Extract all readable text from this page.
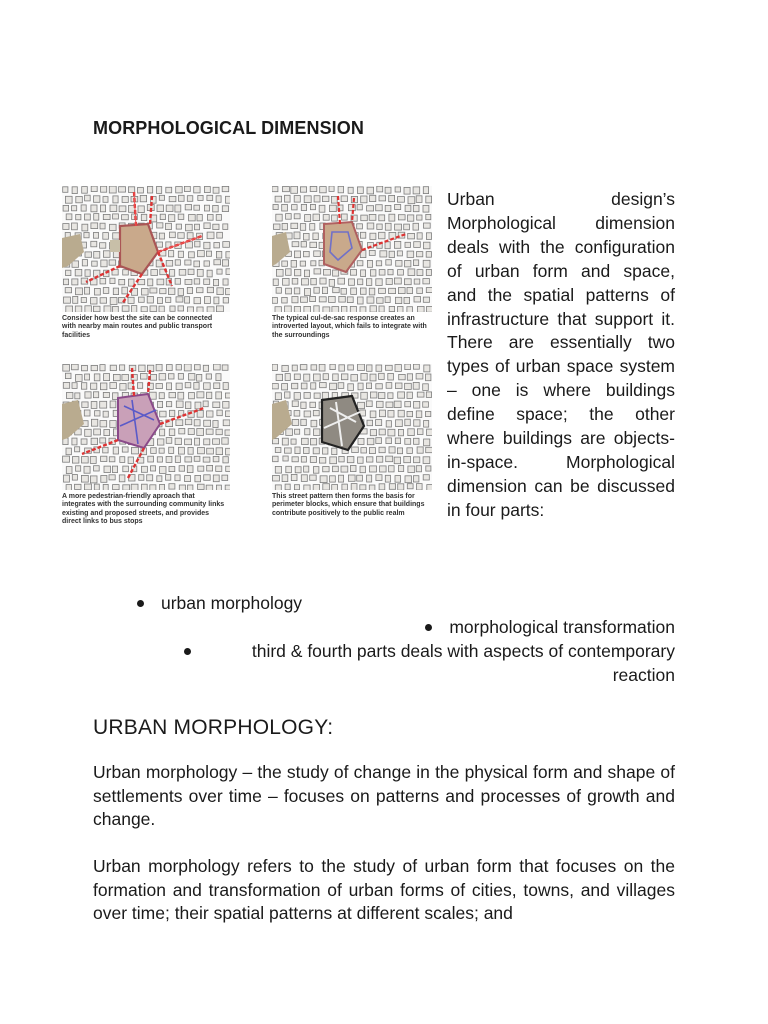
MORPHOLOGICAL DIMENSION
Consider how best the site can be connected with nearby main routes and public transport facilities
The typical cul-de-sac response creates an introverted layout, which fails to integrate with the surroundings
A more pedestrian-friendly aproach that integrates with the surrounding community links existing and proposed streets, and provides direct links to bus stops
This street pattern then forms the basis for perimeter blocks, which ensure that buildings contribute positively to the public realm

Urban design’s Morphological dimension deals with the configuration of urban form and space, and the spatial patterns of infrastructure that support it. There are essentially two types of urban space system – one is where buildings define space; the other where buildings are objects-in-space. Morphological dimension can be discussed in four parts:

urban morphology
morphological transformation
third & fourth parts deals with aspects of contemporary reaction
URBAN MORPHOLOGY:

Urban morphology – the study of change in the physical form and shape of settlements over time – focuses on patterns and processes of growth and change.

Urban morphology refers to the study of urban form that focuses on the formation and transformation of urban forms of cities, towns, and villages over time; their spatial patterns at different scales; and
